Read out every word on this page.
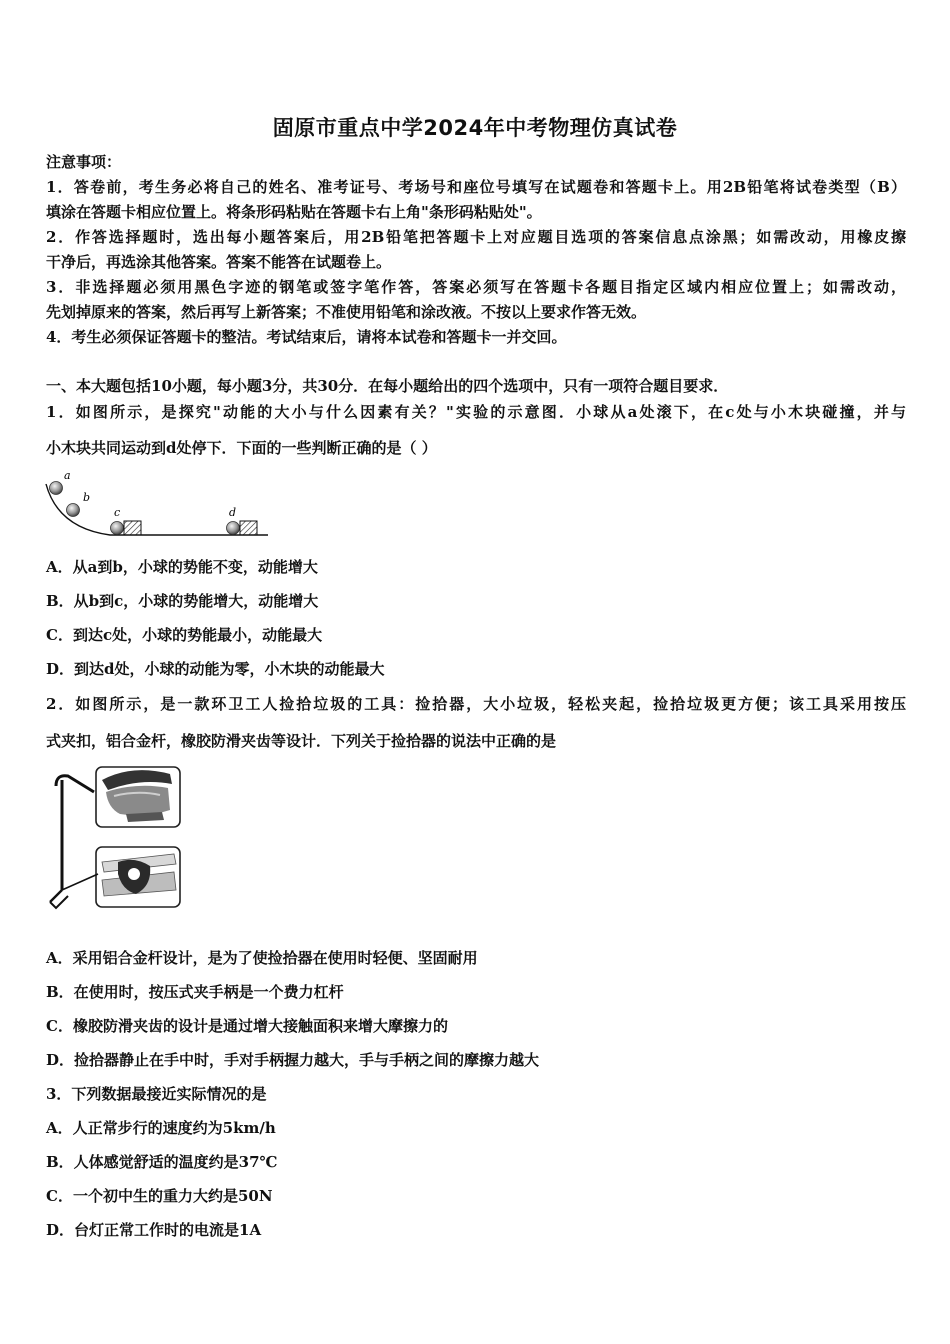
固原市重点中学2024年中考物理仿真试卷
注意事项：
1．答卷前，考生务必将自己的姓名、准考证号、考场号和座位号填写在试题卷和答题卡上。用2B铅笔将试卷类型（B）
填涂在答题卡相应位置上。将条形码粘贴在答题卡右上角"条形码粘贴处"。
2．作答选择题时，选出每小题答案后，用2B铅笔把答题卡上对应题目选项的答案信息点涂黑；如需改动，用橡皮擦
干净后，再选涂其他答案。答案不能答在试题卷上。
3．非选择题必须用黑色字迹的钢笔或签字笔作答，答案必须写在答题卡各题目指定区域内相应位置上；如需改动，
先划掉原来的答案，然后再写上新答案；不准使用铅笔和涂改液。不按以上要求作答无效。
4．考生必须保证答题卡的整洁。考试结束后，请将本试卷和答题卡一并交回。
一、本大题包括10小题，每小题3分，共30分．在每小题给出的四个选项中，只有一项符合题目要求．
1．如图所示，是探究"动能的大小与什么因素有关？"实验的示意图．小球从a处滚下，在c处与小木块碰撞，并与
小木块共同运动到d处停下．下面的一些判断正确的是（ ）
a
b
c	d
A．从a到b，小球的势能不变，动能增大
B．从b到c，小球的势能增大，动能增大
C．到达c处，小球的势能最小，动能最大
D．到达d处，小球的动能为零，小木块的动能最大
2．如图所示，是一款环卫工人捡拾垃圾的工具：捡拾器，大小垃圾，轻松夹起，捡拾垃圾更方便；该工具采用按压
式夹扣，铝合金杆，橡胶防滑夹齿等设计．下列关于捡拾器的说法中正确的是
A．采用铝合金杆设计，是为了使捡拾器在使用时轻便、坚固耐用
B．在使用时，按压式夹手柄是一个费力杠杆
C．橡胶防滑夹齿的设计是通过增大接触面积来增大摩擦力的
D．捡拾器静止在手中时，手对手柄握力越大，手与手柄之间的摩擦力越大
3．下列数据最接近实际情况的是
A．人正常步行的速度约为5km/h
B．人体感觉舒适的温度约是37℃
C．一个初中生的重力大约是50N
D．台灯正常工作时的电流是1A
